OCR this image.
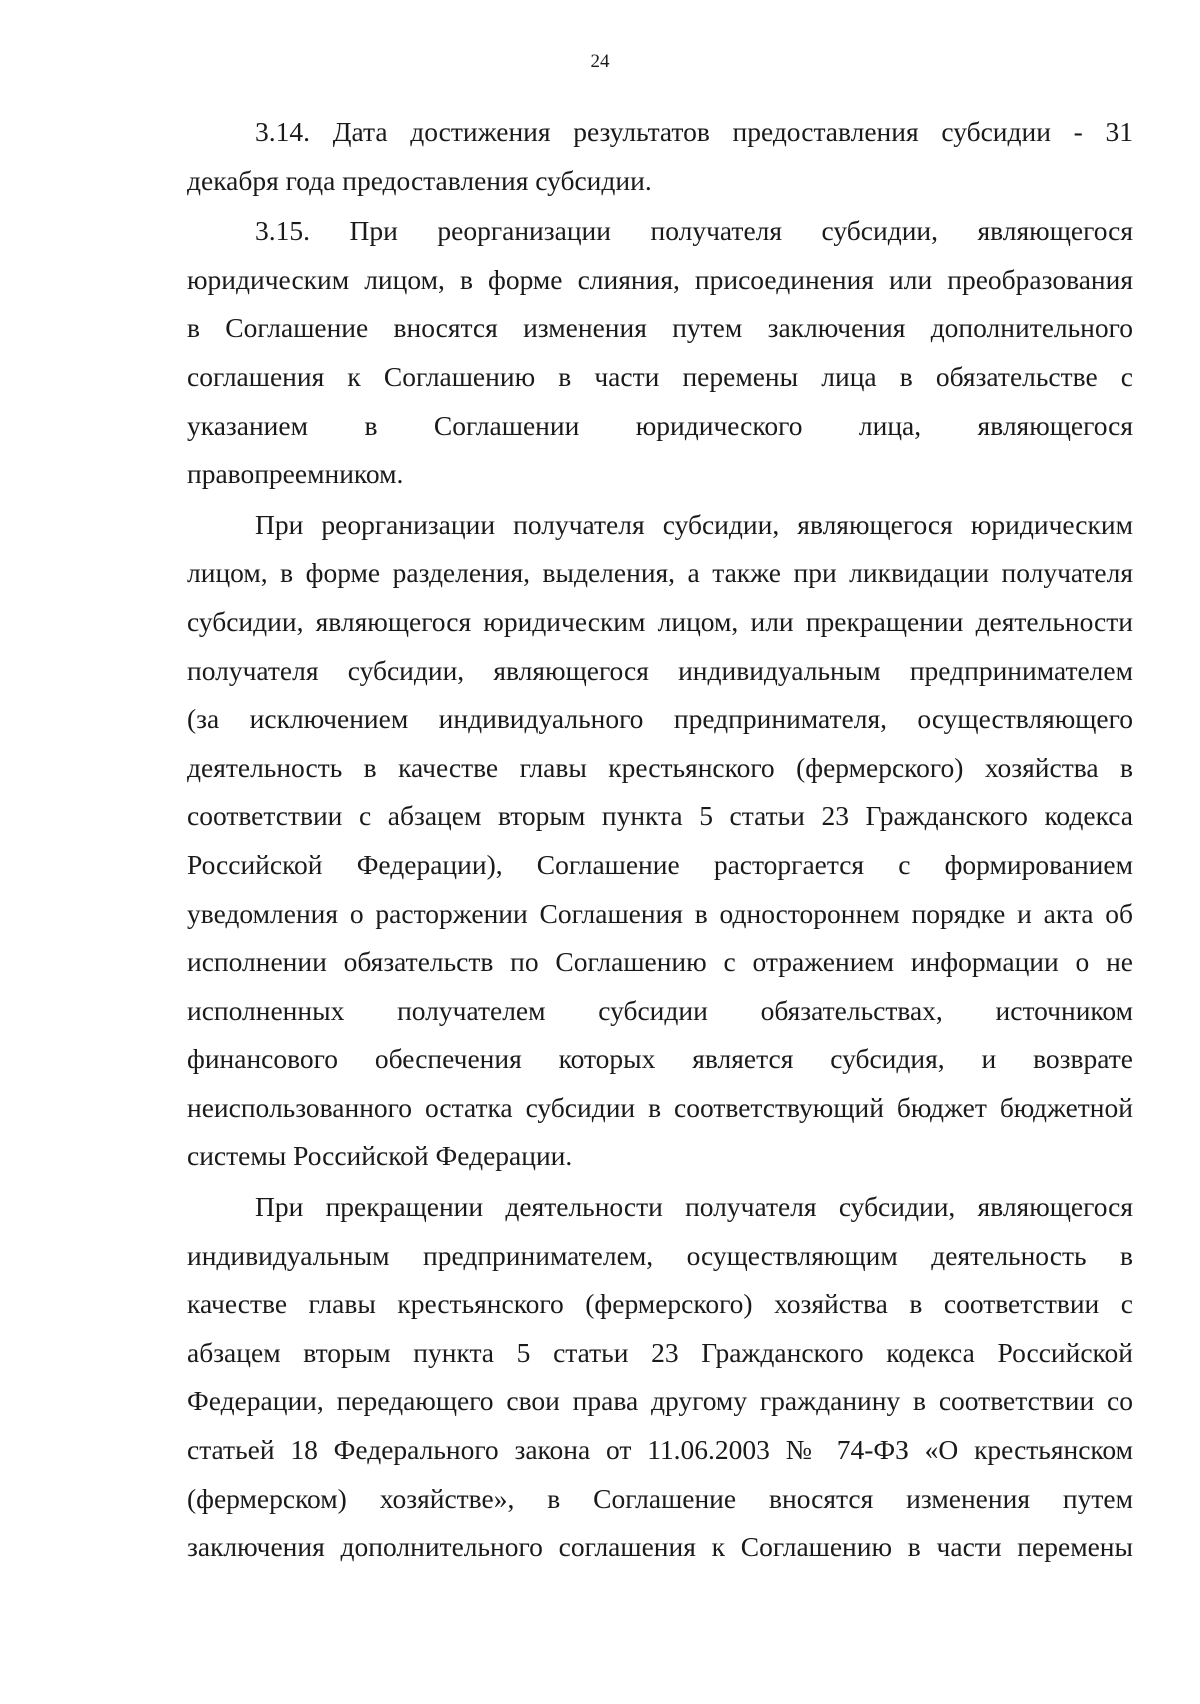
24
3.14. Дата достижения результатов предоставления субсидии - 31
декабря года предоставления субсидии.
3.15. При реорганизации получателя субсидии, являющегося
юридическим лицом, в форме слияния, присоединения или преобразования
в Соглашение вносятся изменения путем заключения дополнительного
соглашения к Соглашению в части перемены лица в обязательстве с
указанием в Соглашении юридического лица, являющегося
правопреемником.
При реорганизации получателя субсидии, являющегося юридическим
лицом, в форме разделения, выделения, а также при ликвидации получателя
субсидии, являющегося юридическим лицом, или прекращении деятельности
получателя субсидии, являющегося индивидуальным предпринимателем
(за исключением индивидуального предпринимателя, осуществляющего
деятельность в качестве главы крестьянского (фермерского) хозяйства в
соответствии с абзацем вторым пункта 5 статьи 23 Гражданского кодекса
Российской Федерации), Соглашение расторгается с формированием
уведомления о расторжении Соглашения в одностороннем порядке и акта об
исполнении обязательств по Соглашению с отражением информации о не
исполненных получателем субсидии обязательствах, источником
финансового обеспечения которых является субсидия, и возврате
неиспользованного остатка субсидии в соответствующий бюджет бюджетной
системы Российской Федерации.
При прекращении деятельности получателя субсидии, являющегося
индивидуальным предпринимателем, осуществляющим деятельность в
качестве главы крестьянского (фермерского) хозяйства в соответствии с
абзацем вторым пункта 5 статьи 23 Гражданского кодекса Российской
Федерации, передающего свои права другому гражданину в соответствии со
статьей 18 Федерального закона от 11.06.2003 № 74-ФЗ «О крестьянском
(фермерском) хозяйстве», в Соглашение вносятся изменения путем
заключения дополнительного соглашения к Соглашению в части перемены
